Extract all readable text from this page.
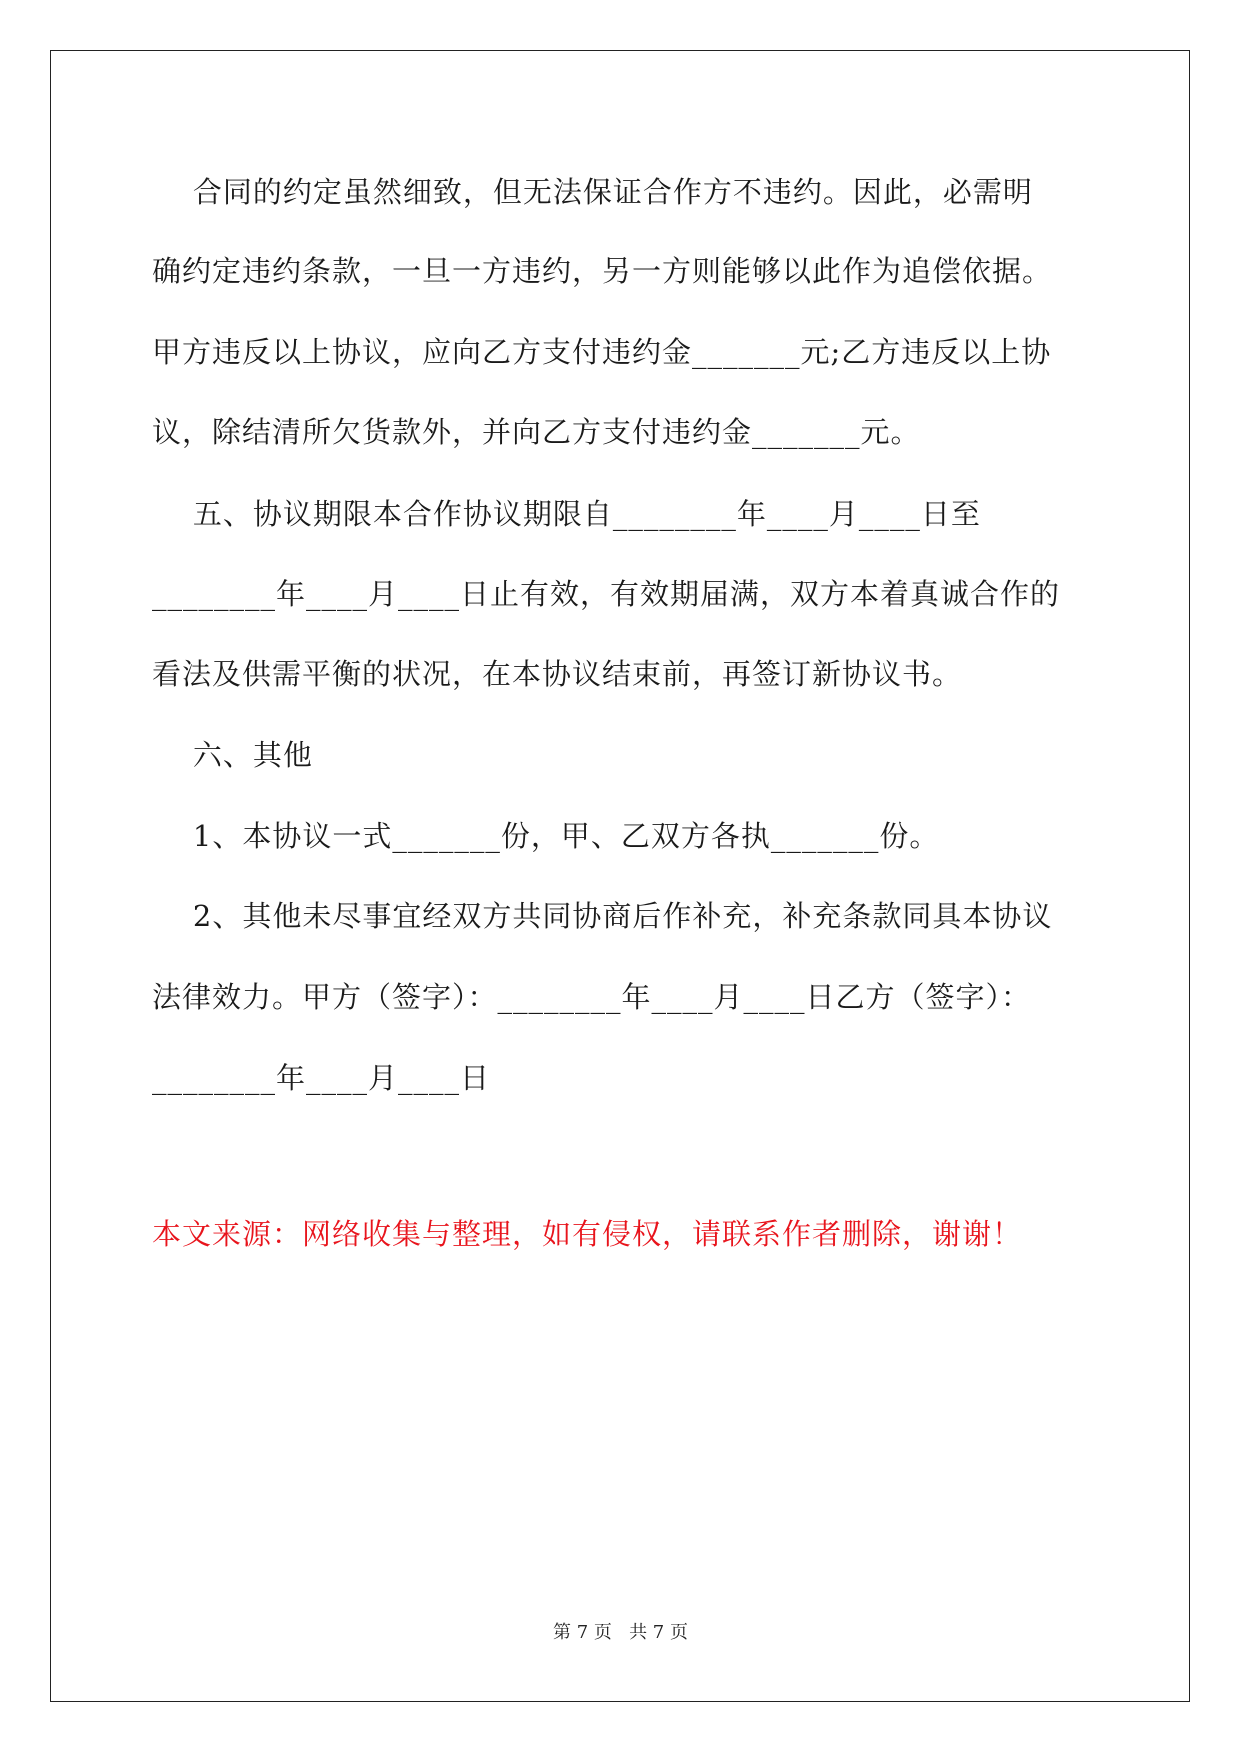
合同的约定虽然细致，但无法保证合作方不违约。因此，必需明
确约定违约条款，一旦一方违约，另一方则能够以此作为追偿依据。
甲方违反以上协议，应向乙方支付违约金_______元;乙方违反以上协
议，除结清所欠货款外，并向乙方支付违约金_______元。
五、协议期限本合作协议期限自________年____月____日至
________年____月____日止有效，有效期届满，双方本着真诚合作的
看法及供需平衡的状况，在本协议结束前，再签订新协议书。
六、其他
1、本协议一式_______份，甲、乙双方各执_______份。
2、其他未尽事宜经双方共同协商后作补充，补充条款同具本协议
法律效力。甲方（签字）：________年____月____日乙方（签字）：
________年____月____日
本文来源：网络收集与整理，如有侵权，请联系作者删除，谢谢！
第 7 页   共 7 页
